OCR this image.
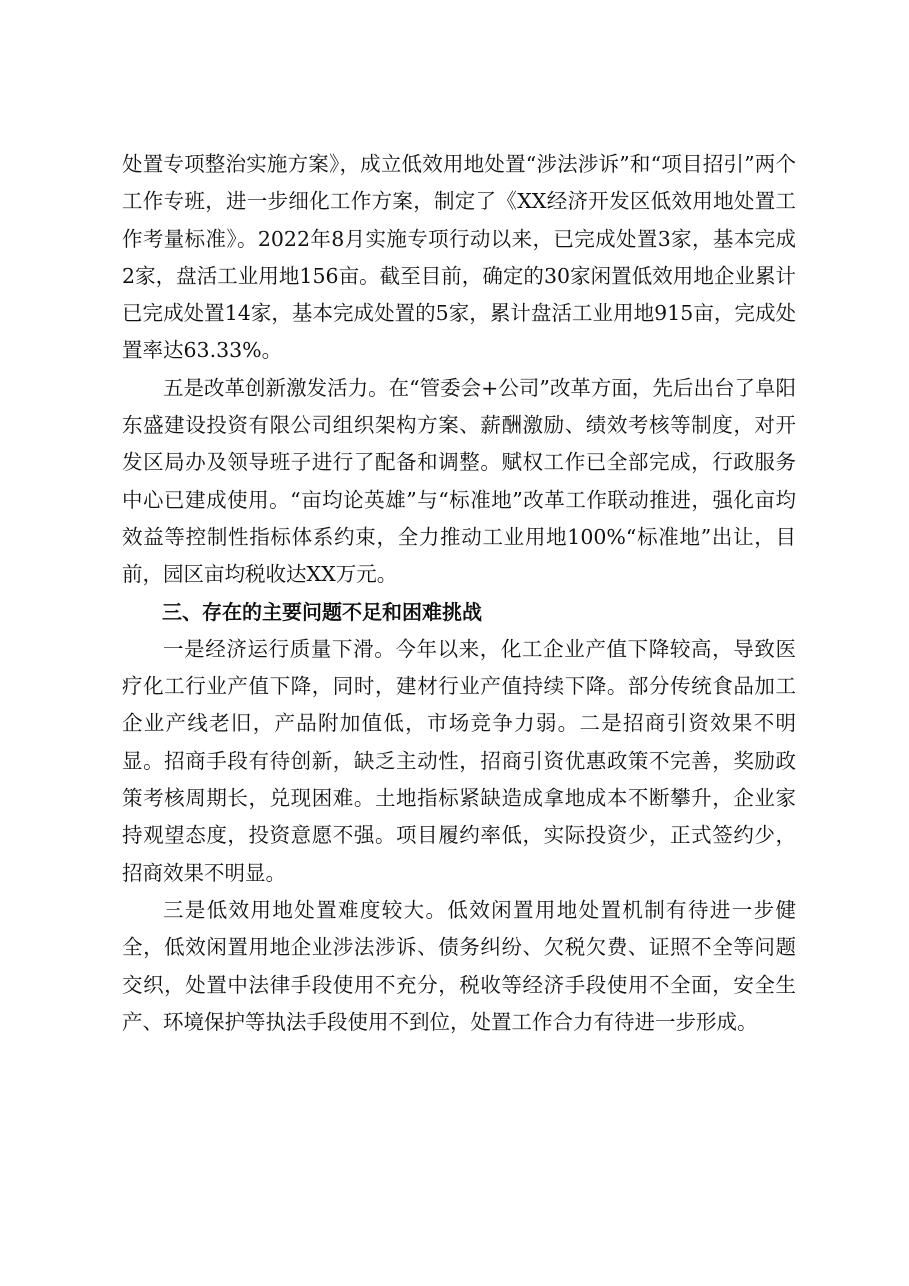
处置专项整治实施方案》，成立低效用地处置“涉法涉诉”和“项目招引”两个工作专班，进一步细化工作方案，制定了《XX经济开发区低效用地处置工作考量标准》。2022年8月实施专项行动以来，已完成处置3家，基本完成2家，盘活工业用地156亩。截至目前，确定的30家闲置低效用地企业累计已完成处置14家，基本完成处置的5家，累计盘活工业用地915亩，完成处置率达63.33%。

五是改革创新激发活力。在“管委会+公司”改革方面，先后出台了阜阳东盛建设投资有限公司组织架构方案、薪酬激励、绩效考核等制度，对开发区局办及领导班子进行了配备和调整。赋权工作已全部完成，行政服务中心已建成使用。“亩均论英雄”与“标准地”改革工作联动推进，强化亩均效益等控制性指标体系约束，全力推动工业用地100%“标准地”出让，目前，园区亩均税收达XX万元。

三、存在的主要问题不足和困难挑战

一是经济运行质量下滑。今年以来，化工企业产值下降较高，导致医疗化工行业产值下降，同时，建材行业产值持续下降。部分传统食品加工企业产线老旧，产品附加值低，市场竞争力弱。二是招商引资效果不明显。招商手段有待创新，缺乏主动性，招商引资优惠政策不完善，奖励政策考核周期长，兑现困难。土地指标紧缺造成拿地成本不断攀升，企业家持观望态度，投资意愿不强。项目履约率低，实际投资少，正式签约少，招商效果不明显。

三是低效用地处置难度较大。低效闲置用地处置机制有待进一步健全，低效闲置用地企业涉法涉诉、债务纠纷、欠税欠费、证照不全等问题交织，处置中法律手段使用不充分，税收等经济手段使用不全面，安全生产、环境保护等执法手段使用不到位，处置工作合力有待进一步形成。
